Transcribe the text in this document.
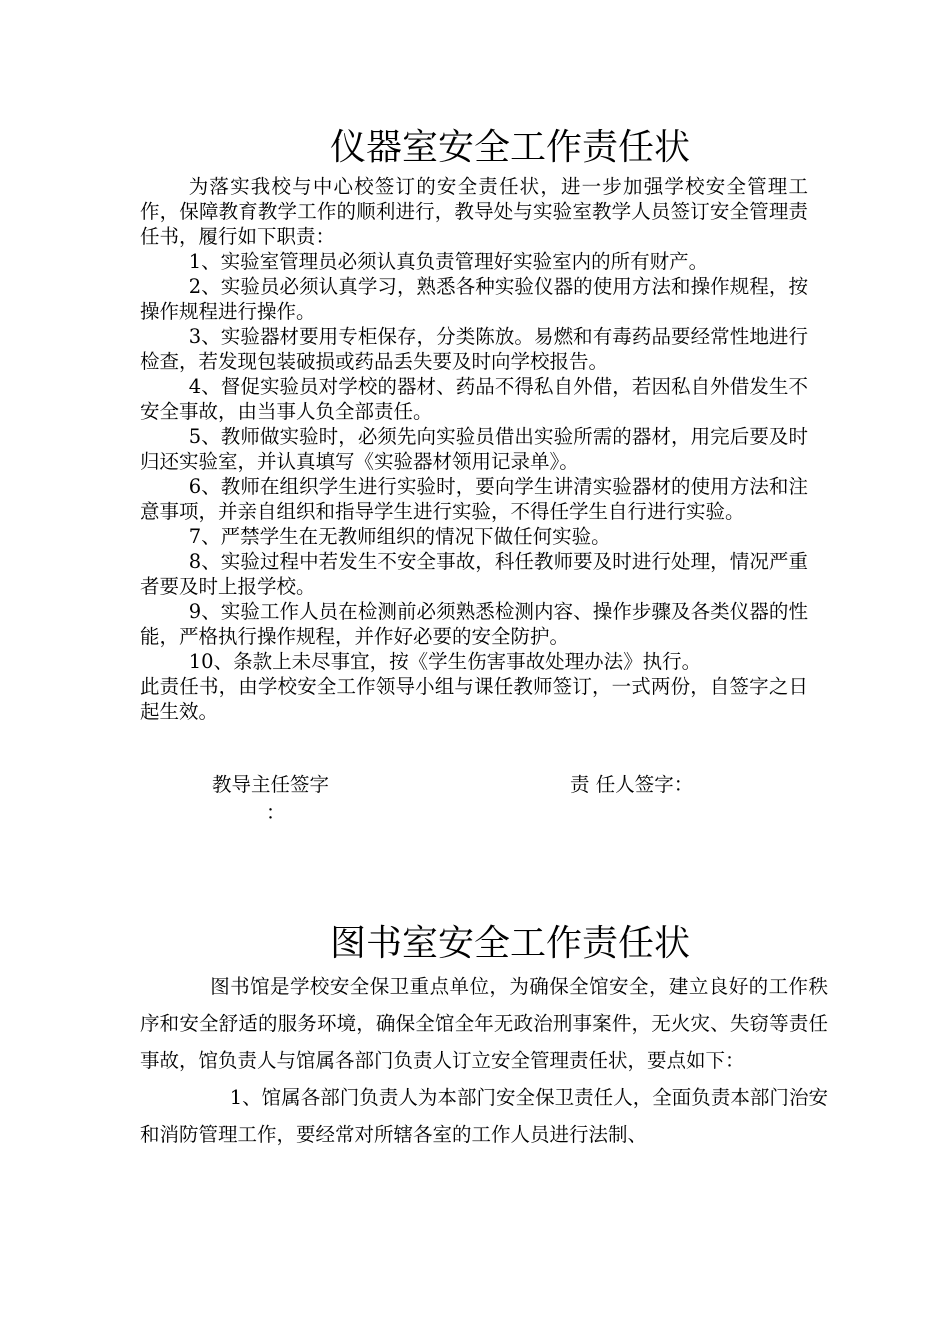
仪器室安全工作责任状

为落实我校与中心校签订的安全责任状，进一步加强学校安全管理工作，保障教育教学工作的顺利进行，教导处与实验室教学人员签订安全管理责任书，履行如下职责：

1、实验室管理员必须认真负责管理好实验室内的所有财产。

2、实验员必须认真学习，熟悉各种实验仪器的使用方法和操作规程，按操作规程进行操作。

3、实验器材要用专柜保存，分类陈放。易燃和有毒药品要经常性地进行检查，若发现包装破损或药品丢失要及时向学校报告。

4、督促实验员对学校的器材、药品不得私自外借，若因私自外借发生不安全事故，由当事人负全部责任。

5、教师做实验时，必须先向实验员借出实验所需的器材，用完后要及时归还实验室，并认真填写《实验器材领用记录单》。

6、教师在组织学生进行实验时，要向学生讲清实验器材的使用方法和注意事项，并亲自组织和指导学生进行实验，不得任学生自行进行实验。

7、严禁学生在无教师组织的情况下做任何实验。

8、实验过程中若发生不安全事故，科任教师要及时进行处理，情况严重者要及时上报学校。

9、实验工作人员在检测前必须熟悉检测内容、操作步骤及各类仪器的性能，严格执行操作规程，并作好必要的安全防护。

10、条款上未尽事宜，按《学生伤害事故处理办法》执行。

此责任书，由学校安全工作领导小组与课任教师签订，一式两份，自签字之日起生效。

教导主任签字
：
责 任人签字：
图书室安全工作责任状

图书馆是学校安全保卫重点单位，为确保全馆安全，建立良好的工作秩序和安全舒适的服务环境，确保全馆全年无政治刑事案件，无火灾、失窃等责任事故，馆负责人与馆属各部门负责人订立安全管理责任状，要点如下：

1、馆属各部门负责人为本部门安全保卫责任人，全面负责本部门治安和消防管理工作，要经常对所辖各室的工作人员进行法制、
